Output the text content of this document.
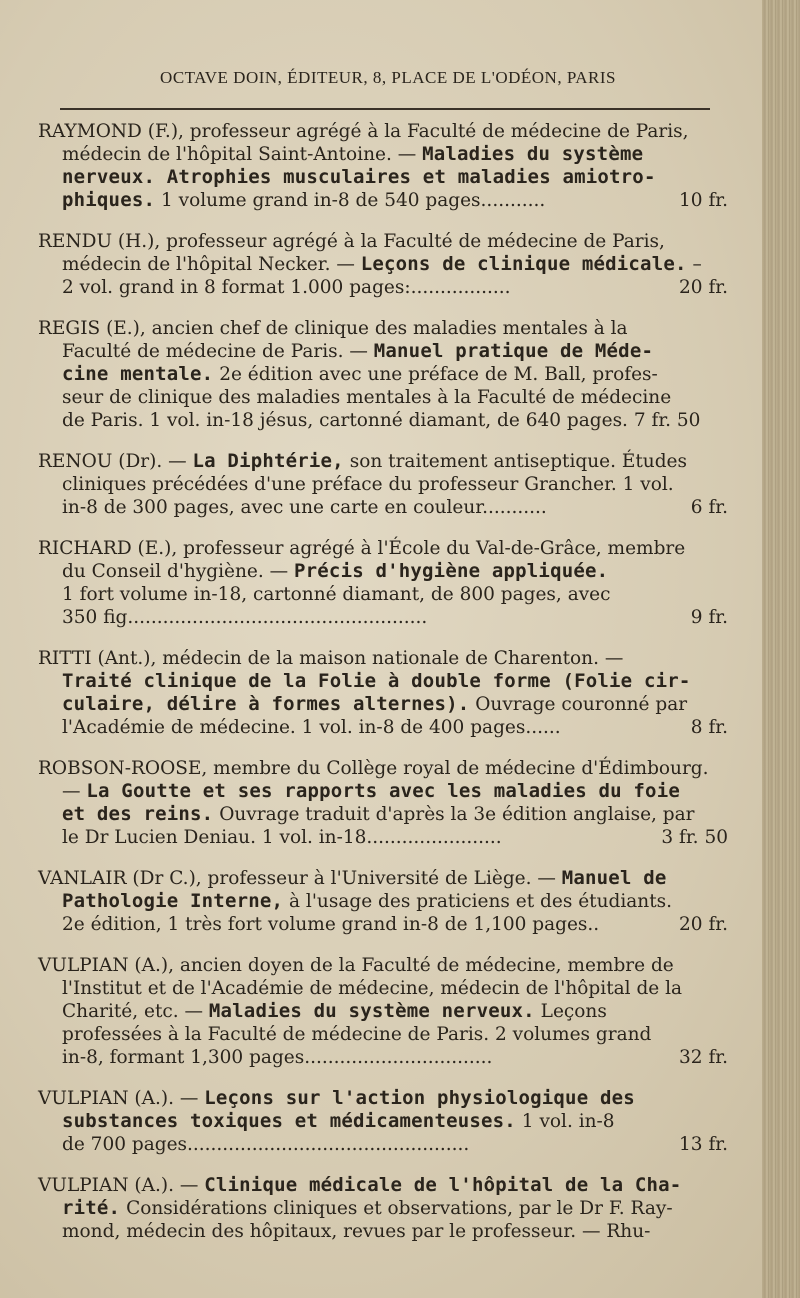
OCTAVE DOIN, ÉDITEUR, 8, PLACE DE L'ODÉON, PARIS
RAYMOND (F.), professeur agrégé à la Faculté de médecine de Paris,
médecin de l'hôpital Saint-Antoine. — Maladies du système
nerveux. Atrophies musculaires et maladies amiotro-
phiques. 1 volume grand in-8 de 540 pages...........	10 fr.
RENDU (H.), professeur agrégé à la Faculté de médecine de Paris,
médecin de l'hôpital Necker. — Leçons de clinique médicale. –
2 vol. grand in 8 format 1.000 pages:.................	20 fr.
REGIS (E.), ancien chef de clinique des maladies mentales à la
Faculté de médecine de Paris. — Manuel pratique de Méde-
cine mentale. 2e édition avec une préface de M. Ball, profes-
seur de clinique des maladies mentales à la Faculté de médecine
de Paris. 1 vol. in-18 jésus, cartonné diamant, de 640 pages. 7 fr. 50
RENOU (Dr). — La Diphtérie, son traitement antiseptique. Études
cliniques précédées d'une préface du professeur Grancher. 1 vol.
in-8 de 300 pages, avec une carte en couleur...........	6 fr.
RICHARD (E.), professeur agrégé à l'École du Val-de-Grâce, membre
du Conseil d'hygiène. — Précis d'hygiène appliquée.
1 fort volume in-18, cartonné diamant, de 800 pages, avec
350 fig...................................................	9 fr.
RITTI (Ant.), médecin de la maison nationale de Charenton. —
Traité clinique de la Folie à double forme (Folie cir-
culaire, délire à formes alternes). Ouvrage couronné par
l'Académie de médecine. 1 vol. in-8 de 400 pages......	8 fr.
ROBSON-ROOSE, membre du Collège royal de médecine d'Édimbourg.
— La Goutte et ses rapports avec les maladies du foie
et des reins. Ouvrage traduit d'après la 3e édition anglaise, par
le Dr Lucien Deniau. 1 vol. in-18.......................	3 fr. 50
VANLAIR (Dr C.), professeur à l'Université de Liège. — Manuel de
Pathologie Interne, à l'usage des praticiens et des étudiants.
2e édition, 1 très fort volume grand in-8 de 1,100 pages..	20 fr.
VULPIAN (A.), ancien doyen de la Faculté de médecine, membre de
l'Institut et de l'Académie de médecine, médecin de l'hôpital de la
Charité, etc. — Maladies du système nerveux. Leçons
professées à la Faculté de médecine de Paris. 2 volumes grand
in-8, formant 1,300 pages................................	32 fr.
VULPIAN (A.). — Leçons sur l'action physiologique des
substances toxiques et médicamenteuses. 1 vol. in-8
de 700 pages................................................	13 fr.
VULPIAN (A.). — Clinique médicale de l'hôpital de la Cha-
rité. Considérations cliniques et observations, par le Dr F. Ray-
mond, médecin des hôpitaux, revues par le professeur. — Rhu-
